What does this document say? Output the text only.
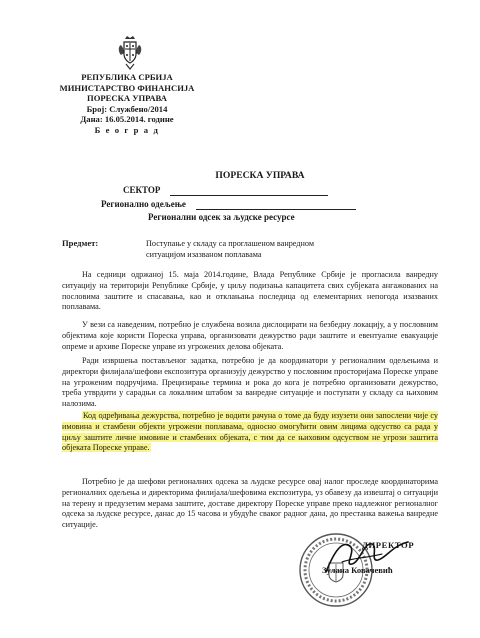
РЕПУБЛИКА СРБИЈА
МИНИСТАРСТВО ФИНАНСИЈА
ПОРЕСКА УПРАВА
Број: Службено/2014
Дана: 16.05.2014. године
Б е о г р а д
ПОРЕСКА УПРАВА
СЕКТОР
Регионално одељење
Регионални одсек за људске ресурсе
Предмет:	Поступање у складу са проглашеном ванредном ситуацијом изазваном поплавама

На седници одржаној 15. маја 2014.године, Влада Републике Србије је прогласила ванредну ситуацију на територији Републике Србије, у циљу подизања капацитета свих субјеката ангажованих на пословима заштите и спасавања, као и отклањања последица од елементарних непогода изазваних поплавама.

У вези са наведеним, потребно је службена возила дислоцирати на безбедну локацију, а у пословним објектима које користи Пореска управа, организовати дежурство ради заштите и евентуалне евакуације опреме и архиве Пореске управе из угрожених делова објеката.

Ради извршења постављеног задатка, потребно је да координатори у регионалним одељењима и директори филијала/шефови експозитура организују дежурство у пословним просторијама Пореске управе на угроженим подручјима. Прецизирање термина и рока до кога је потребно организовати дежурство, треба утврдити у сарадњи са локалним штабом за ванредне ситуације и поступати у складу са њиховим налозима.

Код одређивања дежурства, потребно је водити рачуна о томе да буду изузети они запослени чије су имовина и стамбени објекти угрожени поплавама, односно омогућити овим лицима одсуство са рада у циљу заштите личне имовине и стамбених објеката, с тим да се њиховим одсуством не угрози заштита објеката Пореске управе.

Потребно је да шефови регионалних одсека за људске ресурсе овај налог проследе координаторима регионалних одељења и директорима филијала/шефовима експозитура, уз обавезу да извештај о ситуацији на терену и предузетим мерама заштите, доставе директору Пореске управе преко надлежног регионалног одсека за људске ресурсе, данас до 15 часова и убудуће сваког радног дана, до престанка важења ванредне ситуације.

ДИРЕКТОР
Зулана Ковачевић
